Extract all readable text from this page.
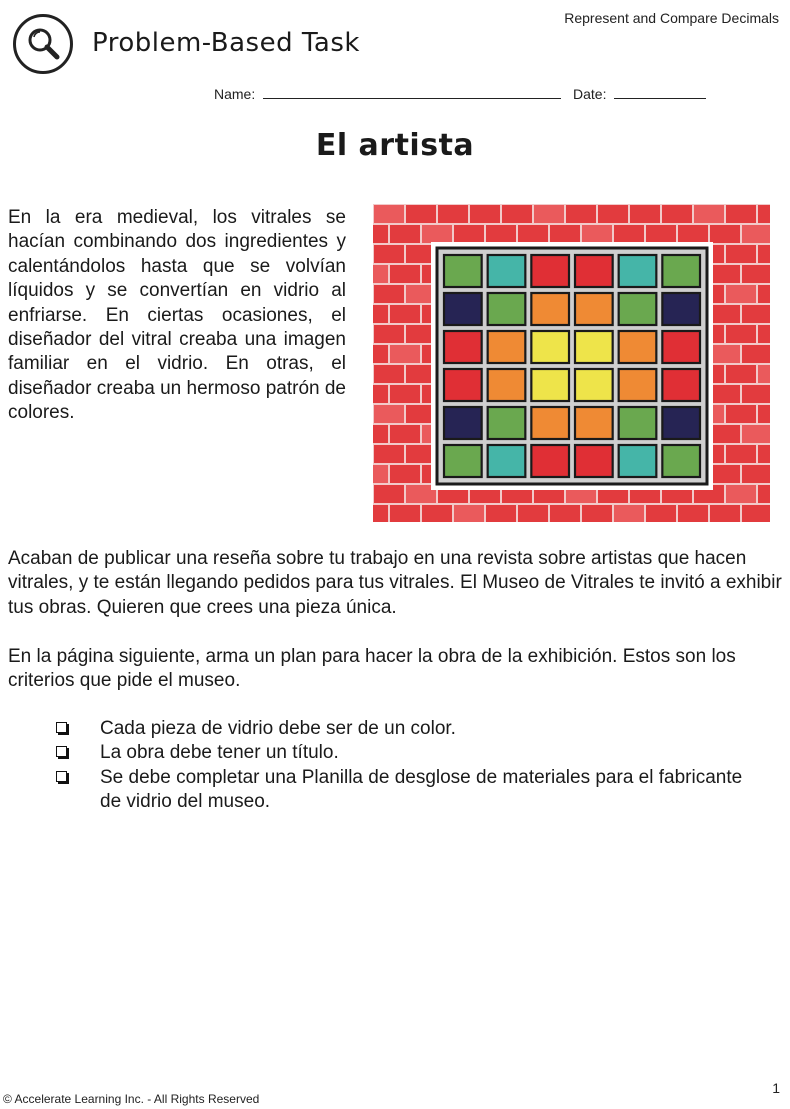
Problem-Based Task
Represent and Compare Decimals
Name:	Date:
El artista

En la era medieval, los vitrales se hacían combinando dos ingredientes y calentándolos hasta que se volvían líquidos y se convertían en vidrio al enfriarse. En ciertas ocasiones, el diseñador del vitral creaba una imagen familiar en el vidrio. En otras, el diseñador creaba un hermoso patrón de colores.

Acaban de publicar una reseña sobre tu trabajo en una revista sobre artistas que hacen vitrales, y te están llegando pedidos para tus vitrales. El Museo de Vitrales te invitó a exhibir tus obras. Quieren que crees una pieza única.

En la página siguiente, arma un plan para hacer la obra de la exhibición. Estos son los criterios que pide el museo.

Cada pieza de vidrio debe ser de un color.
La obra debe tener un título.
Se debe completar una Planilla de desglose de materiales para el fabricante de vidrio del museo.
© Accelerate Learning Inc. - All Rights Reserved
1
